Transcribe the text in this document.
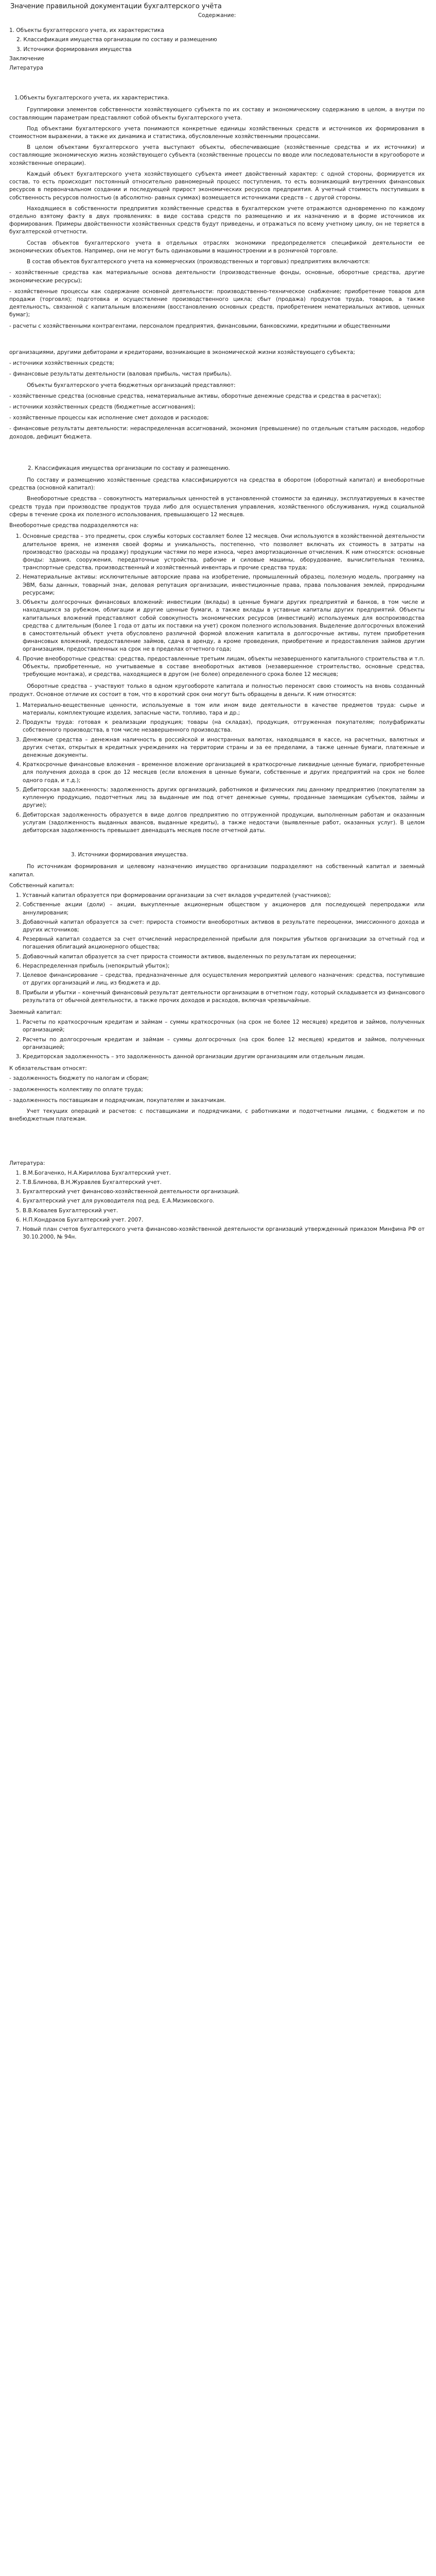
Значение правильной документации бухгалтерского учёта
Содержание:
1. Объекты бухгалтерского учета, их характеристика
2. Классификация имущества организации по составу и размещению
3. Источники формирования имущества
Заключение
Литература
1.Объекты бухгалтерского учета, их характеристика.

Группировки элементов собственности хозяйствующего субъекта по их составу и экономическому содержанию в целом, а внутри по составляющим параметрам представляют собой объекты бухгалтерского учета.

Под объектами бухгалтерского учета понимаются конкретные единицы хозяйственных средств и источников их формирования в стоимостном выражении, а также их динамика и статистика, обусловленные хозяйственными процессами.

В целом объектами бухгалтерского учета выступают объекты, обеспечивающие (хозяйственные средства и их источники) и составляющие экономическую жизнь хозяйствующего субъекта (хозяйственные процессы по вводе или последовательности в кругообороте и хозяйственные операции).

Каждый объект бухгалтерского учета хозяйствующего субъекта имеет двойственный характер: с одной стороны, формируется их состав, то есть происходит постоянный относительно равномерный процесс поступления, то есть возникающий внутренних финансовых ресурсов в первоначальном создании и последующей прирост экономических ресурсов предприятия. А учетный стоимость поступивших в собственность ресурсов полностью (в абсолютно- равных суммах) возмещается источниками средств – с другой стороны.

Находящиеся в собственности предприятия хозяйственные средства в бухгалтерском учете отражаются одновременно по каждому отдельно взятому факту в двух проявлениях: в виде состава средств по размещению и их назначению и в форме источников их формирования. Примеры двойственности хозяйственных средств будут приведены, и отражаться по всему учетному циклу, он не теряется в бухгалтерской отчетности.

Состав объектов бухгалтерского учета в отдельных отраслях экономики предопределяется спецификой деятельности ее экономических объектов. Например, они не могут быть одинаковыми в машиностроении и в розничной торговле.

В состав объектов бухгалтерского учета на коммерческих (производственных и торговых) предприятиях включаются:

- хозяйственные средства как материальные основа деятельности (производственные фонды, основные, оборотные средства, другие экономические ресурсы);

- хозяйственные процессы как содержание основной деятельности: производственно-техническое снабжение; приобретение товаров для продажи (торговля); подготовка и осуществление производственного цикла; сбыт (продажа) продуктов труда, товаров, а также деятельность, связанной с капитальным вложениям (восстановлению основных средств, приобретением нематериальных активов, ценных бумаг);

- расчеты с хозяйственными контрагентами, персоналом предприятия, финансовыми, банковскими, кредитными и общественными

организациями, другими дебиторами и кредиторами, возникающие в экономической жизни хозяйствующего субъекта;

- источники хозяйственных средств;

- финансовые результаты деятельности (валовая прибыль, чистая прибыль).

Объекты бухгалтерского учета бюджетных организаций представляют:

- хозяйственные средства (основные средства, нематериальные активы, оборотные денежные средства и средства в расчетах);

- источники хозяйственных средств (бюджетные ассигнования);

- хозяйственные процессы как исполнение смет доходов и расходов;

- финансовые результаты деятельности: нераспределенная ассигнований, экономия (превышение) по отдельным статьям расходов, недобор доходов, дефицит бюджета.

2. Классификация имущества организации по составу и размещению.

По составу и размещению хозяйственные средства классифицируются на средства в оборотом (оборотный капитал) и внеоборотные средства (основной капитал):

Внеоборотные средства – совокупность материальных ценностей в установленной стоимости за единицу, эксплуатируемых в качестве средств труда при производстве продуктов труда либо для осуществления управления, хозяйственного обслуживания, нужд социальной сферы в течение срока их полезного использования, превышающего 12 месяцев.

Внеоборотные средства подразделяются на:

1. Основные средства – это предметы, срок службы которых составляет более 12 месяцев. Они используются в хозяйственной деятельности длительное время, не изменяя своей формы и уникальность, постепенно, что позволяет включать их стоимость в затраты на производство (расходы на продажу) продукции частями по мере износа, через амортизационные отчисления. К ним относятся: основные фонды: здания, сооружения, передаточные устройства, рабочие и силовые машины, оборудование, вычислительная техника, транспортные средства, производственный и хозяйственный инвентарь и прочие средства труда;
2. Нематериальные активы: исключительные авторские права на изобретение, промышленный образец, полезную модель, программу на ЭВМ, базы данных, товарный знак, деловая репутация организации, инвестиционные права, права пользования землей, природными ресурсами;
3. Объекты долгосрочных финансовых вложений: инвестиции (вклады) в ценные бумаги других предприятий и банков, в том числе и находящихся за рубежом, облигации и другие ценные бумаги, а также вклады в уставные капиталы других предприятий. Объекты капитальных вложений представляют собой совокупность экономических ресурсов (инвестиций) используемых для воспроизводства средства с длительным (более 1 года от даты их поставки на учет) сроком полезного использования. Выделение долгосрочных вложений в самостоятельный объект учета обусловлено различной формой вложения капитала в долгосрочные активы, путем приобретения финансовых вложений, предоставление займов, сдача в аренду, а кроме проведения, приобретение и предоставления займов другим организациям, предоставленных на срок не в пределах отчетного года;
4. Прочие внеоборотные средства: средства, предоставленные третьим лицам, объекты незавершенного капитального строительства и т.п. Объекты, приобретенные, но учитываемые в составе внеоборотных активов (незавершенное строительство, основные средства, требующие монтажа), и средства, находящиеся в другом (не более) определенного срока более 12 месяцев;

Оборотные средства – участвуют только в одном кругообороте капитала и полностью переносят свою стоимость на вновь созданный продукт. Основное отличие их состоит в том, что в короткий срок они могут быть обращены в деньги. К ним относятся:

1. Материально-вещественные ценности, используемые в том или ином виде деятельности в качестве предметов труда: сырье и материалы, комплектующие изделия, запасные части, топливо, тара и др.;
2. Продукты труда: готовая к реализации продукция; товары (на складах), продукция, отгруженная покупателям; полуфабрикаты собственного производства, в том числе незавершенного производства.
3. Денежные средства – денежная наличность в российской и иностранных валютах, находящаяся в кассе, на расчетных, валютных и других счетах, открытых в кредитных учреждениях на территории страны и за ее пределами, а также ценные бумаги, платежные и денежные документы.
4. Краткосрочные финансовые вложения – временное вложение организацией в краткосрочные ликвидные ценные бумаги, приобретенные для получения дохода в срок до 12 месяцев (если вложения в ценные бумаги, собственные и других предприятий на срок не более одного года, и т.д.);
5. Дебиторская задолженность: задолженность других организаций, работников и физических лиц данному предприятию (покупателям за купленную продукцию, подотчетных лиц за выданные им под отчет денежные суммы, проданные заемщикам субъектов, займы и другие);
6. Дебиторская задолженность образуется в виде долгов предприятию по отгруженной продукции, выполненным работам и оказанным услугам (задолженность выданных авансов, выданные кредиты), а также недостачи (выявленные работ, оказанных услуг). В целом дебиторская задолженность превышает двенадцать месяцев после отчетной даты.
3. Источники формирования имущества.

По источникам формирования и целевому назначению имущество организации подразделяют на собственный капитал и заемный капитал.

Собственный капитал:
1. Уставный капитал образуется при формировании организации за счет вкладов учредителей (участников);
2. Собственные акции (доли) – акции, выкупленные акционерным обществом у акционеров для последующей перепродажи или аннулирования;
3. Добавочный капитал образуется за счет: прироста стоимости внеоборотных активов в результате переоценки, эмиссионного дохода и других источников;
4. Резервный капитал создается за счет отчислений нераспределенной прибыли для покрытия убытков организации за отчетный год и погашения облигаций акционерного общества;
5. Добавочный капитал образуется за счет прироста стоимости активов, выделенных по результатам их переоценки;
6. Нераспределенная прибыль (непокрытый убыток);
7. Целевое финансирование – средства, предназначенные для осуществления мероприятий целевого назначения: средства, поступившие от других организаций и лиц, из бюджета и др.
8. Прибыли и убытки – конечный финансовый результат деятельности организации в отчетном году, который складывается из финансового результата от обычной деятельности, а также прочих доходов и расходов, включая чрезвычайные.
Заемный капитал:
1. Расчеты по краткосрочным кредитам и займам – суммы краткосрочных (на срок не более 12 месяцев) кредитов и займов, полученных организацией;
2. Расчеты по долгосрочным кредитам и займам – суммы долгосрочных (на срок более 12 месяцев) кредитов и займов, полученных организацией;
3. Кредиторская задолженность – это задолженность данной организации другим организациям или отдельным лицам.
К обязательствам относят:

- задолженность бюджету по налогам и сборам;

- задолженность коллективу по оплате труда;

- задолженность поставщикам и подрядчикам, покупателям и заказчикам.

Учет текущих операций и расчетов: с поставщиками и подрядчиками, с работниками и подотчетными лицами, с бюджетом и по внебюджетным платежам.

Литература:
1. В.М.Богаченко, Н.А.Кириллова Бухгалтерский учет.
2. Т.В.Блинова, В.Н.Журавлев Бухгалтерский учет.
3. Бухгалтерский учет финансово-хозяйственной деятельности организаций.
4. Бухгалтерский учет для руководителя под ред. Е.А.Мизиковского.
5. В.В.Ковалев Бухгалтерский учет.
6. Н.П.Кондраков Бухгалтерский учет. 2007.
7. Новый план счетов бухгалтерского учета финансово-хозяйственной деятельности организаций утвержденный приказом Минфина РФ от 30.10.2000, № 94н.
